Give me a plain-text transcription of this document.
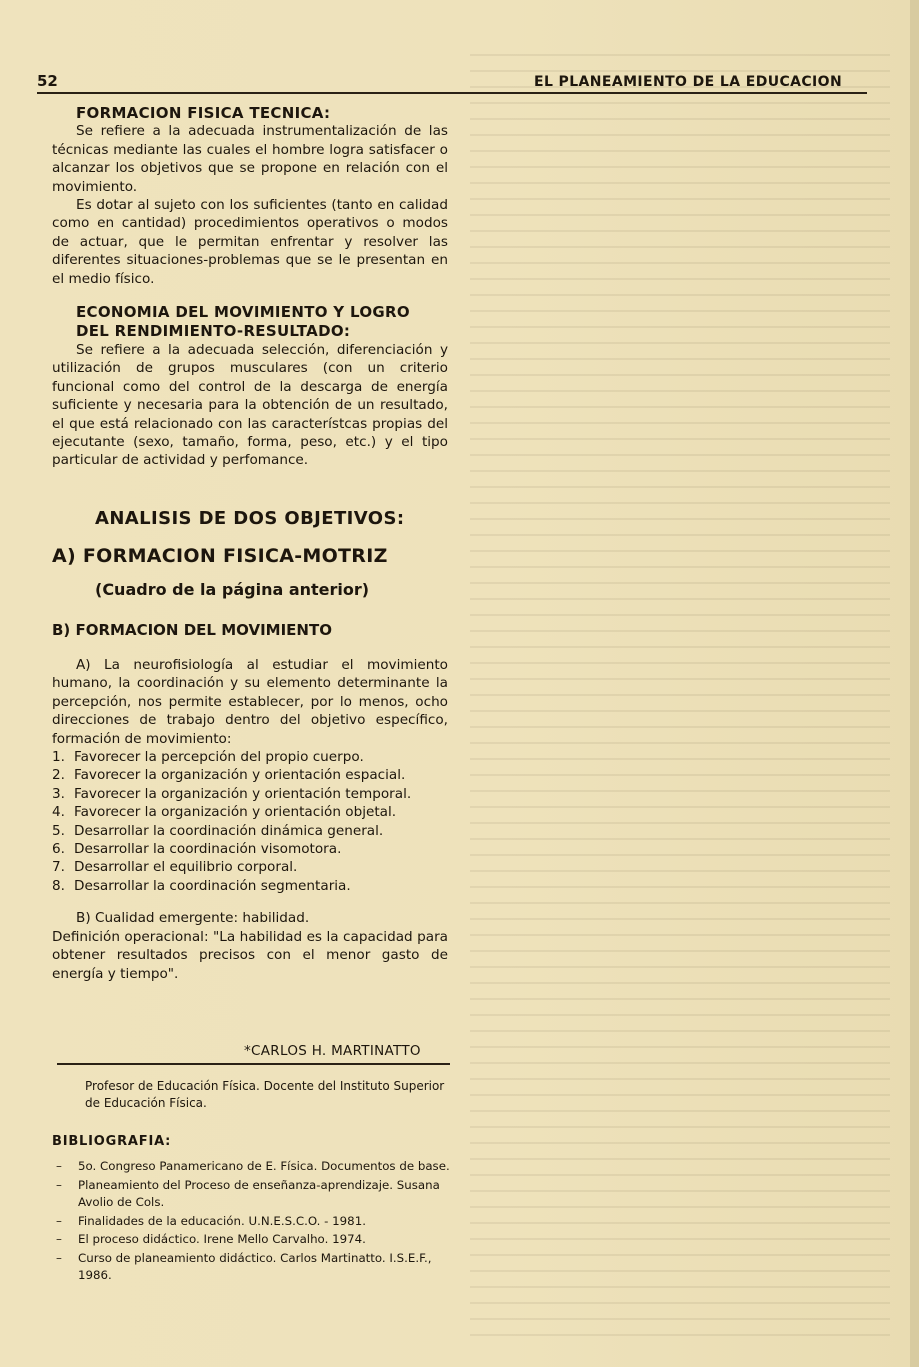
52	EL PLANEAMIENTO DE LA EDUCACION

FORMACION FISICA TECNICA:

Se refiere a la adecuada instrumentalización de las técnicas mediante las cuales el hombre logra satisfacer o alcanzar los objetivos que se propone en relación con el movimiento.

Es dotar al sujeto con los suficientes (tanto en calidad como en cantidad) procedimientos operativos o modos de actuar, que le permitan enfrentar y resolver las diferentes situaciones-problemas que se le presentan en el medio físico.

ECONOMIA DEL MOVIMIENTO Y LOGRO DEL RENDIMIENTO-RESULTADO:

Se refiere a la adecuada selección, diferenciación y utilización de grupos musculares (con un criterio funcional como del control de la descarga de energía suficiente y necesaria para la obtención de un resultado, el que está relacionado con las característcas propias del ejecutante (sexo, tamaño, forma, peso, etc.) y el tipo particular de actividad y perfomance.

ANALISIS DE DOS OBJETIVOS:
A) FORMACION FISICA-MOTRIZ
(Cuadro de la página anterior)
B) FORMACION DEL MOVIMIENTO

A) La neurofisiología al estudiar el movimiento humano, la coordinación y su elemento determinante la percepción, nos permite establecer, por lo menos, ocho direcciones de trabajo dentro del objetivo específico, formación de movimiento:

1. Favorecer la percepción del propio cuerpo.
2. Favorecer la organización y orientación espacial.
3. Favorecer la organización y orientación temporal.
4. Favorecer la organización y orientación objetal.
5. Desarrollar la coordinación dinámica general.
6. Desarrollar la coordinación visomotora.
7. Desarrollar el equilibrio corporal.
8. Desarrollar la coordinación segmentaria.

B) Cualidad emergente: habilidad.

Definición operacional: "La habilidad es la capacidad para obtener resultados precisos con el menor gasto de energía y tiempo".

*CARLOS H. MARTINATTO
Profesor de Educación Física. Docente del Instituto Superior de Educación Física.
BIBLIOGRAFIA:
– 5o. Congreso Panamericano de E. Física. Documentos de base.
– Planeamiento del Proceso de enseñanza-aprendizaje. Susana Avolio de Cols.
– Finalidades de la educación. U.N.E.S.C.O. - 1981.
– El proceso didáctico. Irene Mello Carvalho. 1974.
– Curso de planeamiento didáctico. Carlos Martinatto. I.S.E.F., 1986.
